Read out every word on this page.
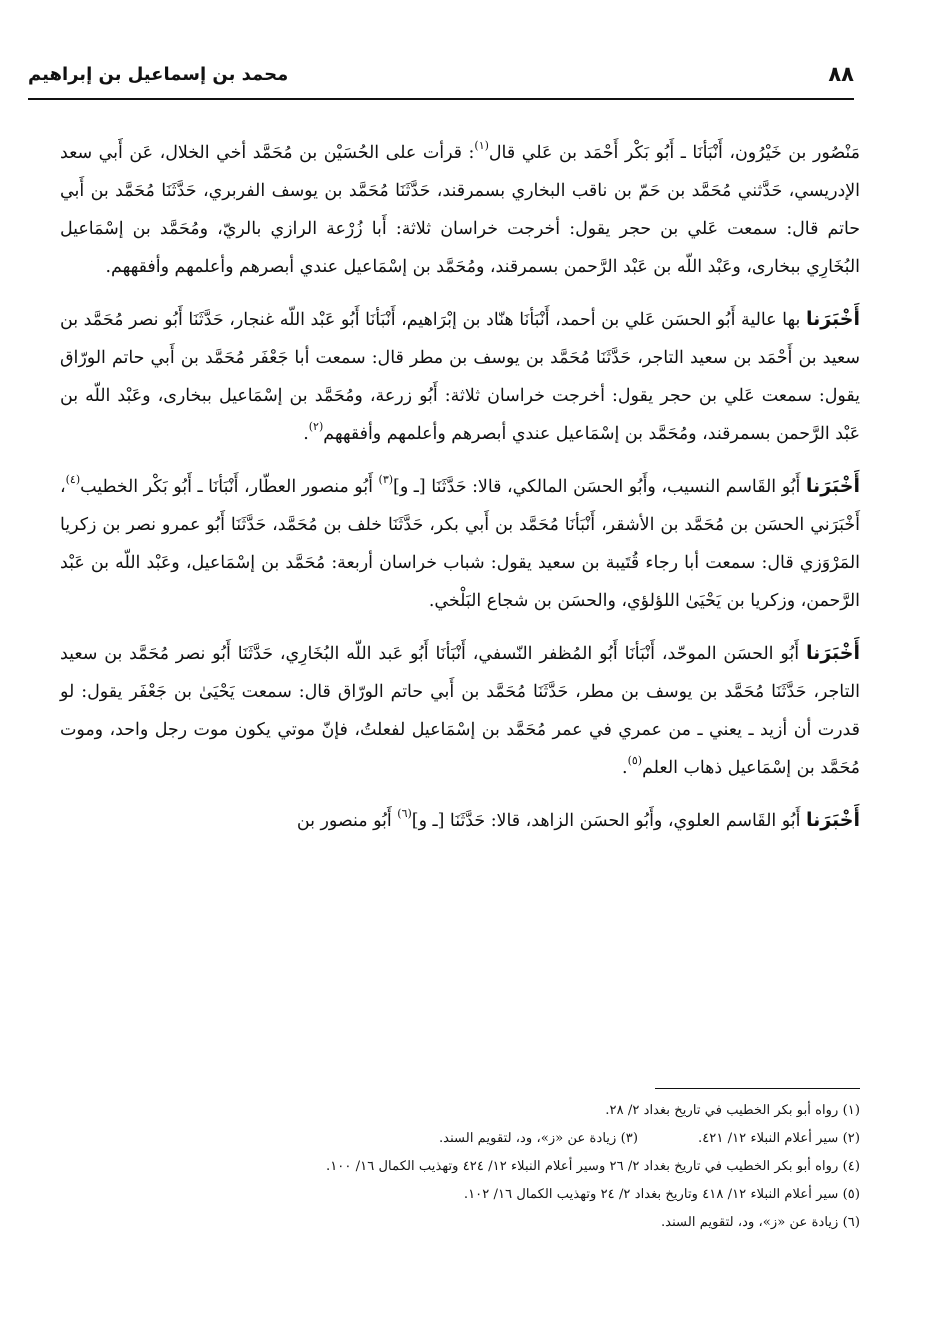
٨٨
محمد بن إسماعيل بن إبراهيم

مَنْصُور بن خَيْرُون، أَنْبَأنَا ـ أَبُو بَكْر أَحْمَد بن عَلي قال$^{(١)}$: قرأت على الحُسَيْن بن مُحَمَّد أخي الخلال، عَن أَبي سعد الإدريسي، حَدَّثني مُحَمَّد بن حَمّ بن ناقب البخاري بسمرقند، حَدَّثَنَا مُحَمَّد بن يوسف الفربري، حَدَّثَنَا مُحَمَّد بن أَبي حاتم قال: سمعت عَلي بن حجر يقول: أخرجت خراسان ثلاثة: أَبا زُرْعة الرازي بالريّ، ومُحَمَّد بن إسْمَاعيل البُخَارِي ببخارى، وعَبْد اللّه بن عَبْد الرَّحمن بسمرقند، ومُحَمَّد بن إسْمَاعيل عندي أبصرهم وأعلمهم وأفقههم.

أَخْبَرَنا بها عالية أَبُو الحسَن عَلي بن أحمد، أَنْبَأنَا هنّاد بن إبْرَاهيم، أَنْبَأنَا أَبُو عَبْد اللّه غنجار، حَدَّثَنَا أَبُو نصر مُحَمَّد بن سعيد بن أَحْمَد بن سعيد التاجر، حَدَّثَنَا مُحَمَّد بن يوسف بن مطر قال: سمعت أبا جَعْفَر مُحَمَّد بن أَبي حاتم الورّاق يقول: سمعت عَلي بن حجر يقول: أخرجت خراسان ثلاثة: أَبُو زرعة، ومُحَمَّد بن إسْمَاعيل ببخارى، وعَبْد اللّه بن عَبْد الرَّحمن بسمرقند، ومُحَمَّد بن إسْمَاعيل عندي أبصرهم وأعلمهم وأفقههم$^{(٢)}$.

أَخْبَرَنا أَبُو القَاسم النسيب، وأَبُو الحسَن المالكي، قالا: حَدَّثَنَا [ـ و]$^{(٣)}$ أَبُو منصور العطّار، أَنْبَأنَا ـ أَبُو بَكْر الخطيب$^{(٤)}$، أَخْبَرَني الحسَن بن مُحَمَّد بن الأشقر، أَنْبَأنَا مُحَمَّد بن أَبي بكر، حَدَّثَنَا خلف بن مُحَمَّد، حَدَّثَنَا أَبُو عمرو نصر بن زكريا المَرْوَزي قال: سمعت أبا رجاء قُتَيبة بن سعيد يقول: شباب خراسان أربعة: مُحَمَّد بن إسْمَاعيل، وعَبْد اللّه بن عَبْد الرَّحمن، وزكريا بن يَحْيَىٰ اللؤلؤي، والحسَن بن شجاع البَلْخي.

أَخْبَرَنا أَبُو الحسَن الموحّد، أَنْبَأنَا أَبُو المُظفر النّسفي، أَنْبَأنَا أَبُو عَبد اللّه البُخَارِي، حَدَّثَنَا أَبُو نصر مُحَمَّد بن سعيد التاجر، حَدَّثَنَا مُحَمَّد بن يوسف بن مطر، حَدَّثَنَا مُحَمَّد بن أَبي حاتم الورّاق قال: سمعت يَحْيَىٰ بن جَعْفَر يقول: لو قدرت أن أزيد ـ يعني ـ من عمري في عمر مُحَمَّد بن إسْمَاعيل لفعلتُ، فإنّ موتي يكون موت رجل واحد، وموت مُحَمَّد بن إسْمَاعيل ذهاب العلم$^{(٥)}$.

أَخْبَرَنا أَبُو القَاسم العلوي، وأَبُو الحسَن الزاهد، قالا: حَدَّثَنَا [ـ و]$^{(٦)}$ أَبُو منصور بن

(١) رواه أبو بكر الخطيب في تاريخ بغداد ٢/ ٢٨.
(٢) سير أعلام النبلاء ١٢/ ٤٢١.
(٣) زيادة عن «ز»، ود، لتقويم السند.
(٤) رواه أبو بكر الخطيب في تاريخ بغداد ٢/ ٢٦ وسير أعلام النبلاء ١٢/ ٤٢٤ وتهذيب الكمال ١٦/ ١٠٠.
(٥) سير أعلام النبلاء ١٢/ ٤١٨ وتاريخ بغداد ٢/ ٢٤ وتهذيب الكمال ١٦/ ١٠٢.
(٦) زيادة عن «ز»، ود، لتقويم السند.
